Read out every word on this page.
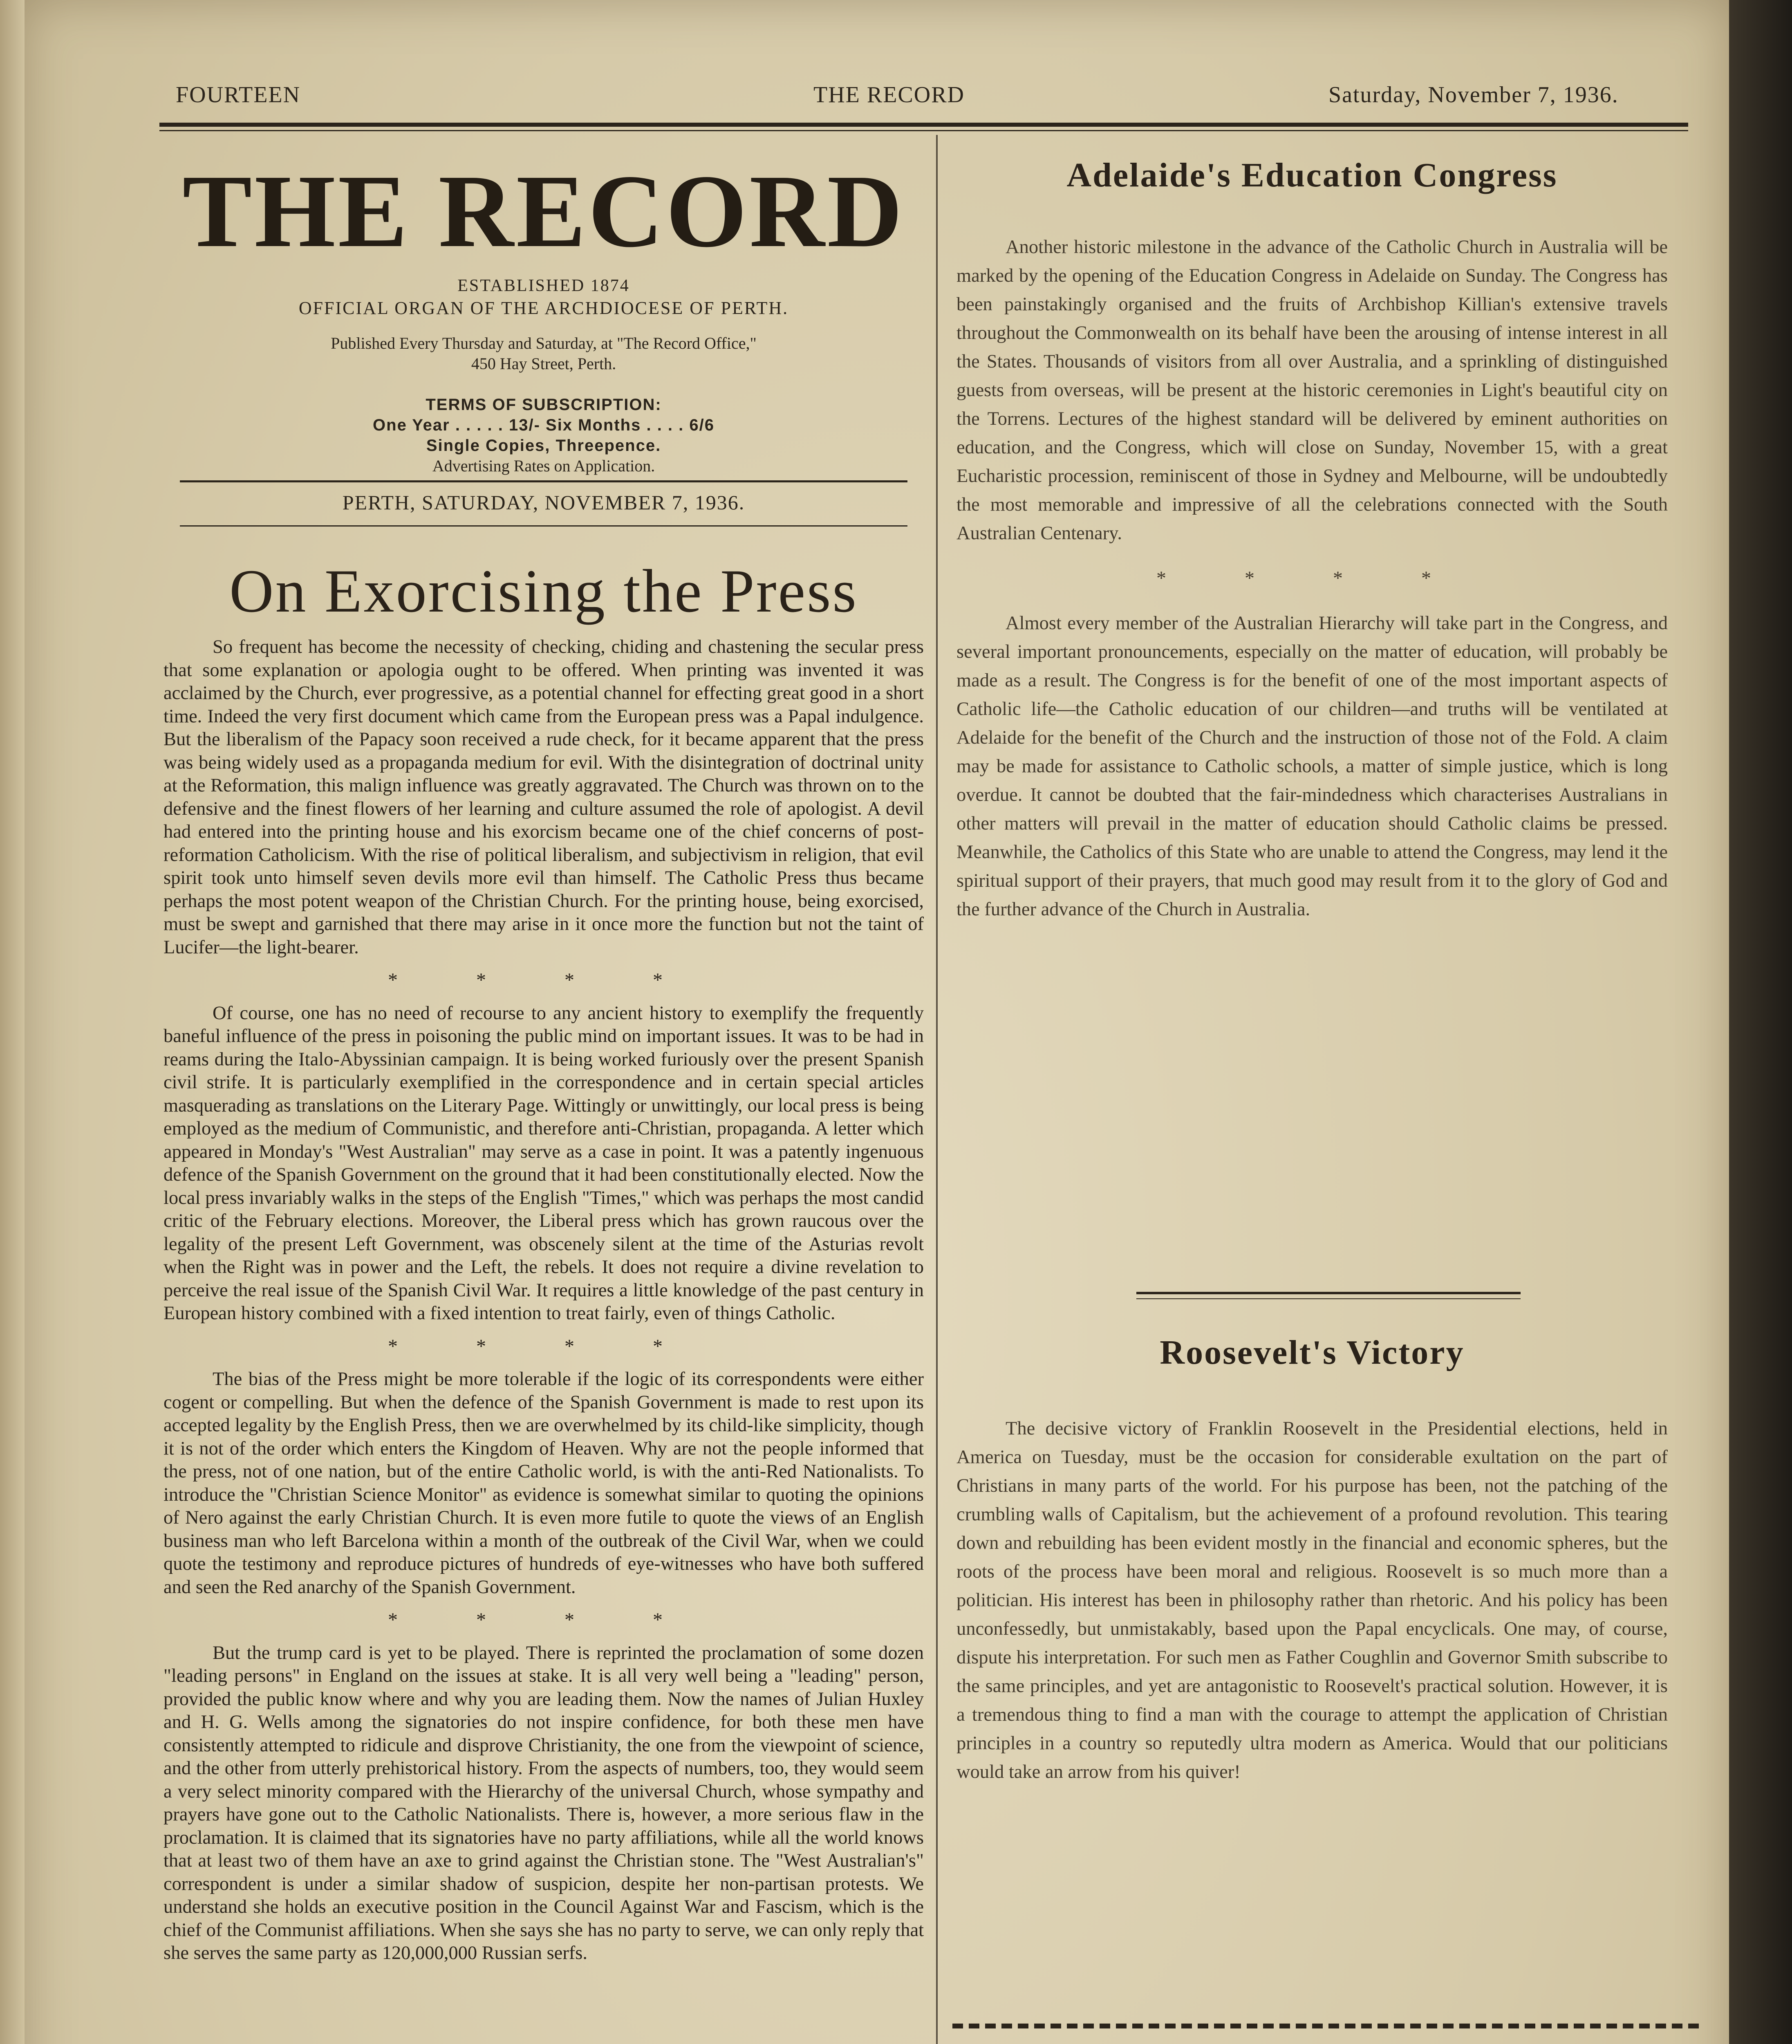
FOURTEEN	THE RECORD	Saturday, November 7, 1936.
THE RECORD
ESTABLISHED 1874
OFFICIAL ORGAN OF THE ARCHDIOCESE OF PERTH.
Published Every Thursday and Saturday, at "The Record Office,"
450 Hay Street, Perth.
TERMS OF SUBSCRIPTION:
One Year . . . . . 13/- Six Months . . . . 6/6
Single Copies, Threepence.
Advertising Rates on Application.
PERTH, SATURDAY, NOVEMBER 7, 1936.
On Exorcising the Press

So frequent has become the necessity of checking, chiding and chastening the secular press that some explanation or apologia ought to be offered. When printing was invented it was acclaimed by the Church, ever progressive, as a potential channel for effecting great good in a short time. Indeed the very first document which came from the European press was a Papal indulgence. But the liberalism of the Papacy soon received a rude check, for it became apparent that the press was being widely used as a propaganda medium for evil. With the disintegration of doctrinal unity at the Reformation, this malign influence was greatly aggravated. The Church was thrown on to the defensive and the finest flowers of her learning and culture assumed the role of apologist. A devil had entered into the printing house and his exorcism became one of the chief concerns of post-reformation Catholicism. With the rise of political liberalism, and subjectivism in religion, that evil spirit took unto himself seven devils more evil than himself. The Catholic Press thus became perhaps the most potent weapon of the Christian Church. For the printing house, being exorcised, must be swept and garnished that there may arise in it once more the function but not the taint of Lucifer—the light-bearer.

* * * *

Of course, one has no need of recourse to any ancient history to exemplify the frequently baneful influence of the press in poisoning the public mind on important issues. It was to be had in reams during the Italo-Abyssinian campaign. It is being worked furiously over the present Spanish civil strife. It is particularly exemplified in the correspondence and in certain special articles masquerading as translations on the Literary Page. Wittingly or unwittingly, our local press is being employed as the medium of Communistic, and therefore anti-Christian, propaganda. A letter which appeared in Monday's "West Australian" may serve as a case in point. It was a patently ingenuous defence of the Spanish Government on the ground that it had been constitutionally elected. Now the local press invariably walks in the steps of the English "Times," which was perhaps the most candid critic of the February elections. Moreover, the Liberal press which has grown raucous over the legality of the present Left Government, was obscenely silent at the time of the Asturias revolt when the Right was in power and the Left, the rebels. It does not require a divine revelation to perceive the real issue of the Spanish Civil War. It requires a little knowledge of the past century in European history combined with a fixed intention to treat fairly, even of things Catholic.

* * * *

The bias of the Press might be more tolerable if the logic of its correspondents were either cogent or compelling. But when the defence of the Spanish Government is made to rest upon its accepted legality by the English Press, then we are overwhelmed by its child-like simplicity, though it is not of the order which enters the Kingdom of Heaven. Why are not the people informed that the press, not of one nation, but of the entire Catholic world, is with the anti-Red Nationalists. To introduce the "Christian Science Monitor" as evidence is somewhat similar to quoting the opinions of Nero against the early Christian Church. It is even more futile to quote the views of an English business man who left Barcelona within a month of the outbreak of the Civil War, when we could quote the testimony and reproduce pictures of hundreds of eye-witnesses who have both suffered and seen the Red anarchy of the Spanish Government.

* * * *

But the trump card is yet to be played. There is reprinted the proclamation of some dozen "leading persons" in England on the issues at stake. It is all very well being a "leading" person, provided the public know where and why you are leading them. Now the names of Julian Huxley and H. G. Wells among the signatories do not inspire confidence, for both these men have consistently attempted to ridicule and disprove Christianity, the one from the viewpoint of science, and the other from utterly prehistorical history. From the aspects of numbers, too, they would seem a very select minority compared with the Hierarchy of the universal Church, whose sympathy and prayers have gone out to the Catholic Nationalists. There is, however, a more serious flaw in the proclamation. It is claimed that its signatories have no party affiliations, while all the world knows that at least two of them have an axe to grind against the Christian stone. The "West Australian's" correspondent is under a similar shadow of suspicion, despite her non-partisan protests. We understand she holds an executive position in the Council Against War and Fascism, which is the chief of the Communist affiliations. When she says she has no party to serve, we can only reply that she serves the same party as 120,000,000 Russian serfs.

Adelaide's Education Congress

Another historic milestone in the advance of the Catholic Church in Australia will be marked by the opening of the Education Congress in Adelaide on Sunday. The Congress has been painstakingly organised and the fruits of Archbishop Killian's extensive travels throughout the Commonwealth on its behalf have been the arousing of intense interest in all the States. Thousands of visitors from all over Australia, and a sprinkling of distinguished guests from overseas, will be present at the historic ceremonies in Light's beautiful city on the Torrens. Lectures of the highest standard will be delivered by eminent authorities on education, and the Congress, which will close on Sunday, November 15, with a great Eucharistic procession, reminiscent of those in Sydney and Melbourne, will be undoubtedly the most memorable and impressive of all the celebrations connected with the South Australian Centenary.

* * * *

Almost every member of the Australian Hierarchy will take part in the Congress, and several important pronouncements, especially on the matter of education, will probably be made as a result. The Congress is for the benefit of one of the most important aspects of Catholic life—the Catholic education of our children—and truths will be ventilated at Adelaide for the benefit of the Church and the instruction of those not of the Fold. A claim may be made for assistance to Catholic schools, a matter of simple justice, which is long overdue. It cannot be doubted that the fair-mindedness which characterises Australians in other matters will prevail in the matter of education should Catholic claims be pressed. Meanwhile, the Catholics of this State who are unable to attend the Congress, may lend it the spiritual support of their prayers, that much good may result from it to the glory of God and the further advance of the Church in Australia.

Roosevelt's Victory

The decisive victory of Franklin Roosevelt in the Presidential elections, held in America on Tuesday, must be the occasion for considerable exultation on the part of Christians in many parts of the world. For his purpose has been, not the patching of the crumbling walls of Capitalism, but the achievement of a profound revolution. This tearing down and rebuilding has been evident mostly in the financial and economic spheres, but the roots of the process have been moral and religious. Roosevelt is so much more than a politician. His interest has been in philosophy rather than rhetoric. And his policy has been unconfessedly, but unmistakably, based upon the Papal encyclicals. One may, of course, dispute his interpretation. For such men as Father Coughlin and Governor Smith subscribe to the same principles, and yet are antagonistic to Roosevelt's practical solution. However, it is a tremendous thing to find a man with the courage to attempt the application of Christian principles in a country so reputedly ultra modern as America. Would that our politicians would take an arrow from his quiver!
